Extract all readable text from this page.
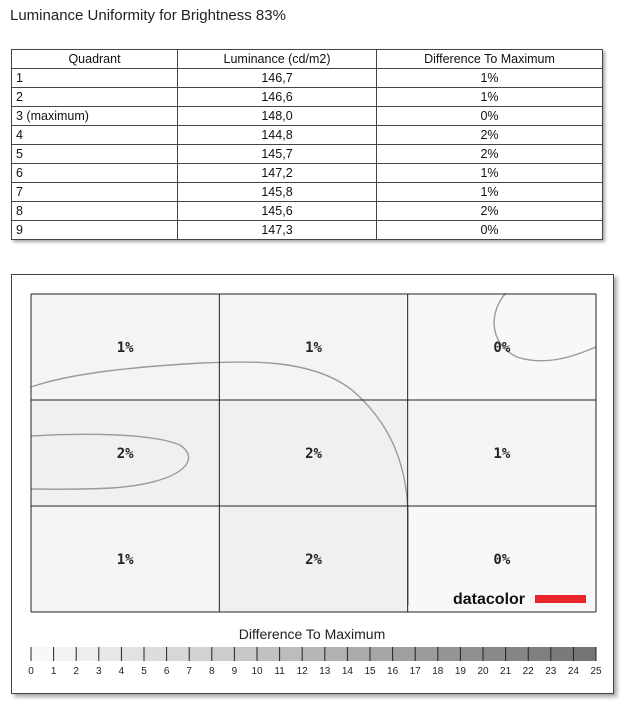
Luminance Uniformity for Brightness 83%
Quadrant	Luminance (cd/m2)	Difference To Maximum
1	146,7	1%
2	146,6	1%
3 (maximum)	148,0	0%
4	144,8	2%
5	145,7	2%
6	147,2	1%
7	145,8	1%
8	145,6	2%
9	147,3	0%
1%	1%	0%
2%	2%	1%
1%	2%	0%
datacolor
Difference To Maximum
0 1 2 3 4 5 6 7 8 9 10 11 12 13 14 15 16 17 18 19 20 21 22 23 24 25
